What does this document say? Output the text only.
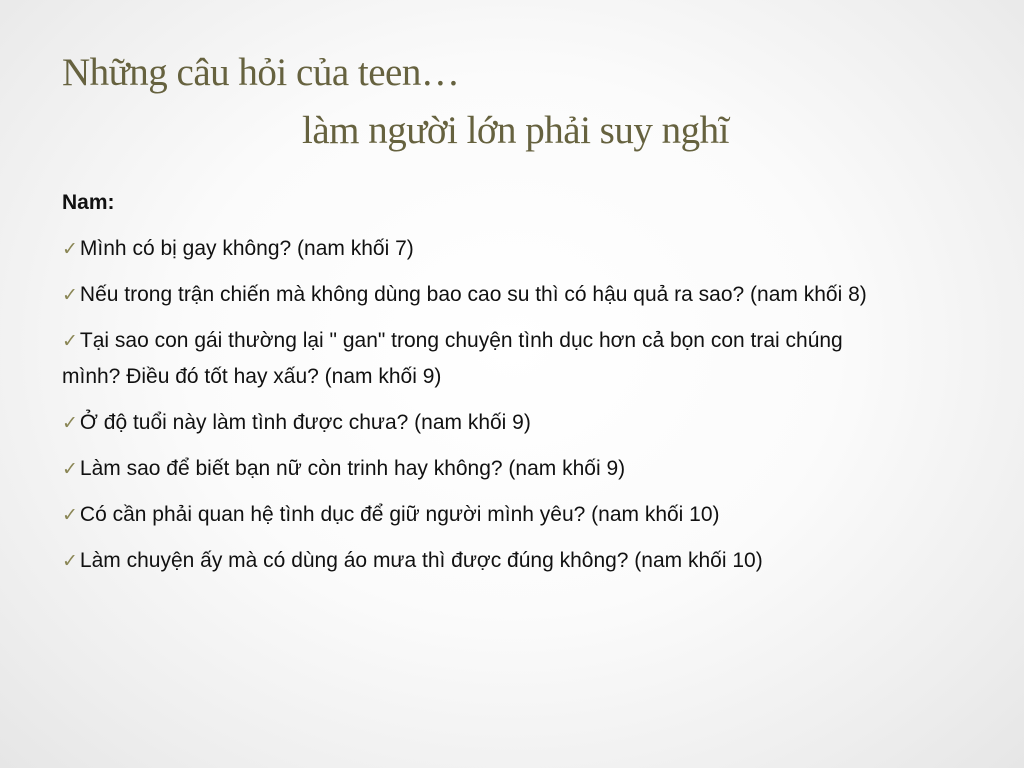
Những câu hỏi của teen…
làm người lớn phải suy nghĩ
Nam:
✓Mình có bị gay không? (nam khối 7)
✓Nếu trong trận chiến mà không dùng bao cao su thì có hậu quả ra sao? (nam khối 8)
✓Tại sao con gái thường lại " gan" trong chuyện tình dục hơn cả bọn con trai chúng mình? Điều đó tốt hay xấu? (nam khối 9)
✓Ở độ tuổi này làm tình được chưa? (nam khối 9)
✓Làm sao để biết bạn nữ còn trinh hay không? (nam khối 9)
✓Có cần phải quan hệ tình dục để giữ người mình yêu? (nam khối 10)
✓Làm chuyện ấy mà có dùng áo mưa thì được đúng không? (nam khối 10)
